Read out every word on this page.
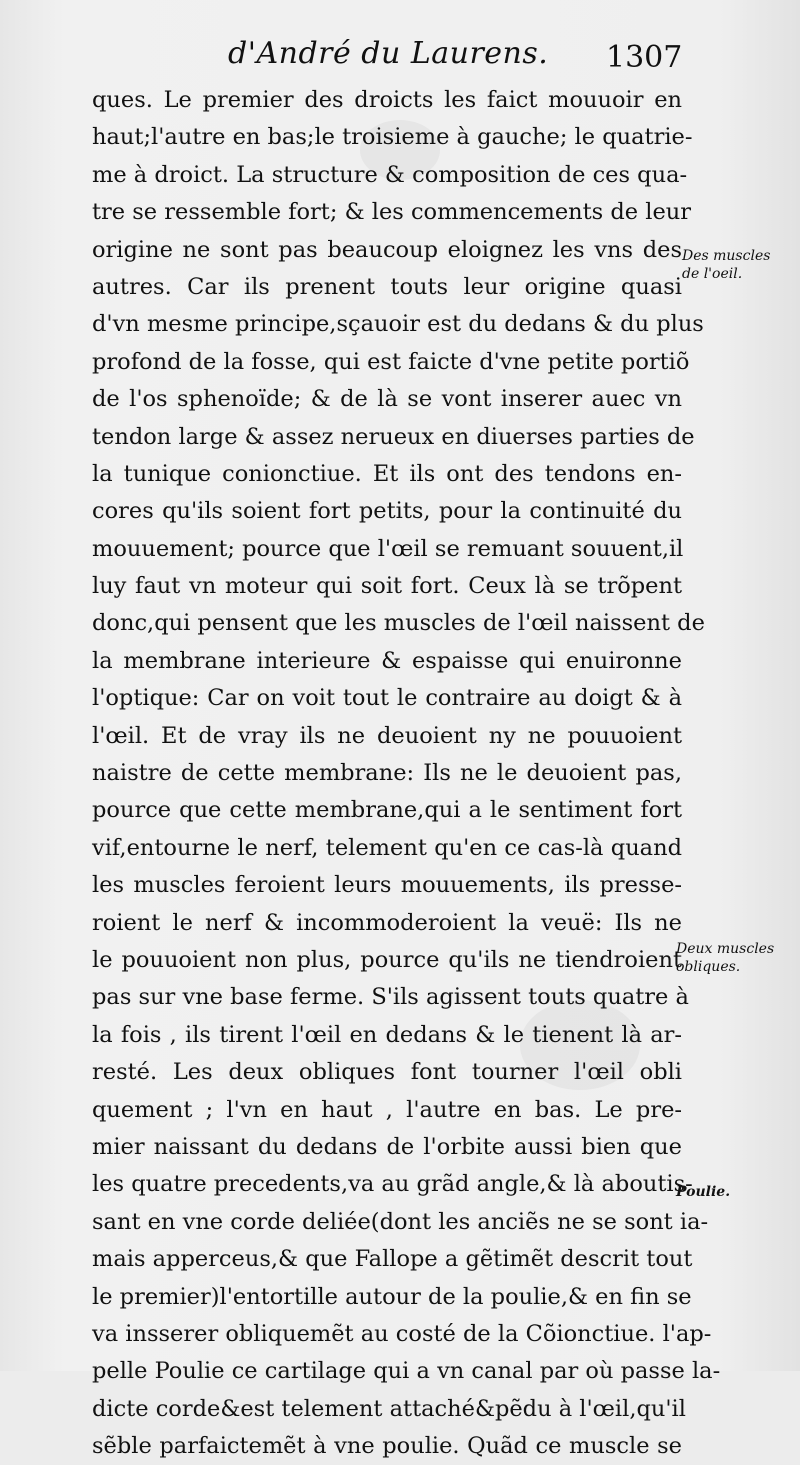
d'André du Laurens. 1307
ques. Le premier des droicts les faict mouuoir en
haut;l'autre en bas;le troisieme à gauche; le quatrie-
me à droict. La structure & composition de ces qua-
tre se ressemble fort; & les commencements de leur
origine ne sont pas beaucoup eloignez les vns des
autres. Car ils prenent touts leur origine quasi
d'vn mesme principe,sçauoir est du dedans & du plus
profond de la fosse, qui est faicte d'vne petite portiõ
de l'os sphenoïde; & de là se vont inserer auec vn
tendon large & assez nerueux en diuerses parties de
la tunique conionctiue. Et ils ont des tendons en-
cores qu'ils soient fort petits, pour la continuité du
mouuement; pource que l'œil se remuant souuent,il
luy faut vn moteur qui soit fort. Ceux là se trõpent
donc,qui pensent que les muscles de l'œil naissent de
la membrane interieure & espaisse qui enuironne
l'optique: Car on voit tout le contraire au doigt & à
l'œil. Et de vray ils ne deuoient ny ne pouuoient
naistre de cette membrane: Ils ne le deuoient pas,
pource que cette membrane,qui a le sentiment fort
vif,entourne le nerf, telement qu'en ce cas-là quand
les muscles feroient leurs mouuements, ils presse-
roient le nerf & incommoderoient la veuë: Ils ne
le pouuoient non plus, pource qu'ils ne tiendroient
pas sur vne base ferme. S'ils agissent touts quatre à
la fois , ils tirent l'œil en dedans & le tienent là ar-
resté. Les deux obliques font tourner l'œil obli
quement ; l'vn en haut , l'autre en bas. Le pre-
mier naissant du dedans de l'orbite aussi bien que
les quatre precedents,va au grãd angle,& là aboutis-
sant en vne corde deliée(dont les anciẽs ne se sont ia-
mais apperceus,& que Fallope a gẽtimẽt descrit tout
le premier)l'entortille autour de la poulie,& en fin se
va insserer obliquemẽt au costé de la Cõionctiue. l'ap-
pelle Poulie ce cartilage qui a vn canal par où passe la-
dicte corde&est telement attaché&pẽdu à l'œil,qu'il
sẽble parfaictemẽt à vne poulie. Quãd ce muscle se
Des muscles
de l'oeil.
Deux muscles
obliques.
Poulie.
